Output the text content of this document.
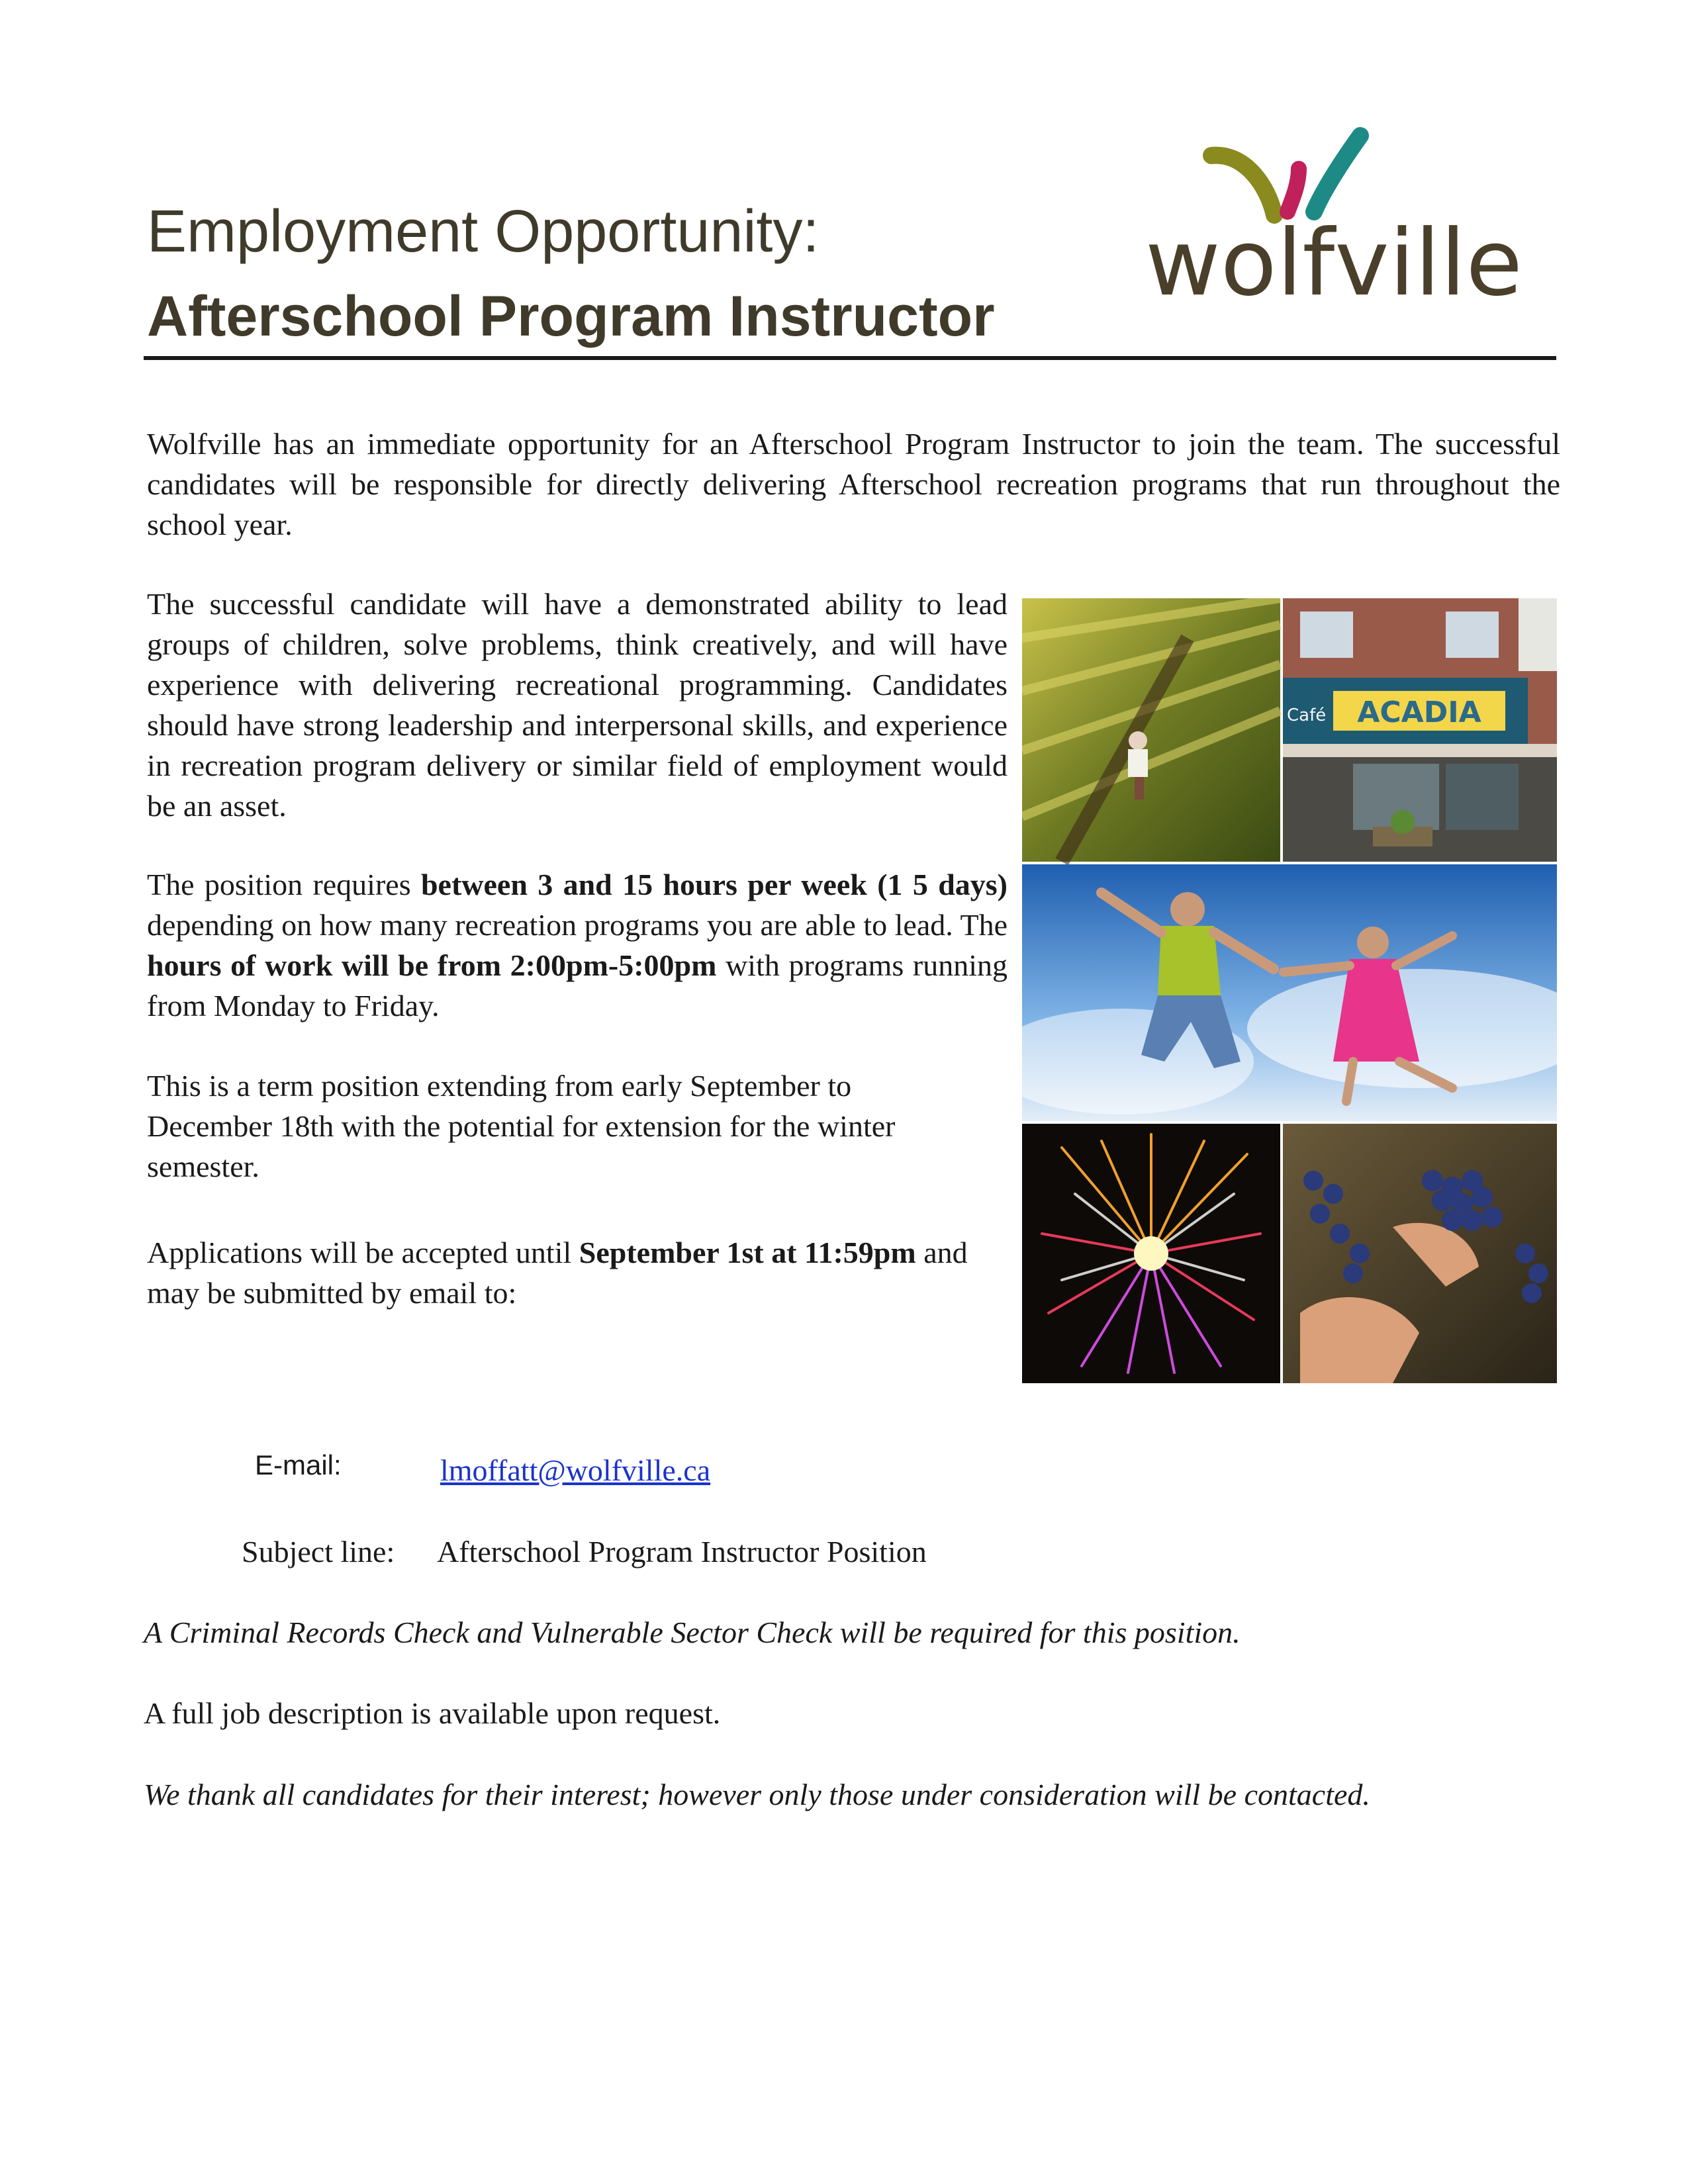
Employment Opportunity:
Afterschool Program Instructor wolfville
Wolfville has an immediate opportunity for an Afterschool Program Instructor to join the team. The successful candidates will be responsible for directly delivering Afterschool recreation programs that run throughout the school year.
The successful candidate will have a demonstrated ability to lead groups of children, solve problems, think creatively, and will have experience with delivering recreational programming. Candidates should have strong leadership and interpersonal skills, and experience in recreation program delivery or similar field of employment would be an asset.
The position requires between 3 and 15 hours per week (1 5 days) depending on how many recreation programs you are able to lead. The hours of work will be from 2:00pm-5:00pm with programs running from Monday to Friday.
This is a term position extending from early September to December 18th with the potential for extension for the winter semester.
Applications will be accepted until September 1st at 11:59pm and may be submitted by email to:
ACADIA
Café
E-mail:	lmoffatt@wolfville.ca
Subject line: Afterschool Program Instructor Position
A Criminal Records Check and Vulnerable Sector Check will be required for this position.
A full job description is available upon request.
We thank all candidates for their interest; however only those under consideration will be contacted.
